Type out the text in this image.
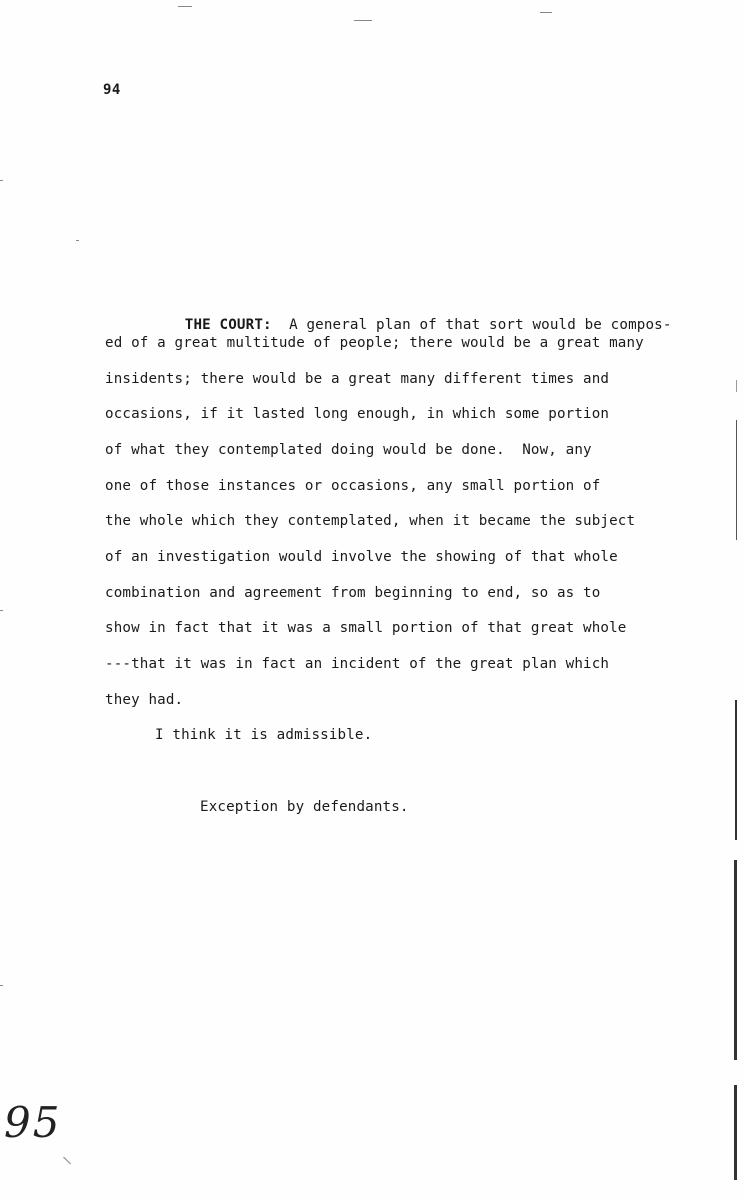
94

THE COURT: A general plan of that sort would be compos-

ed of a great multitude of people; there would be a great many
insidents; there would be a great many different times and
occasions, if it lasted long enough, in which some portion
of what they contemplated doing would be done.  Now, any
one of those instances or occasions, any small portion of
the whole which they contemplated, when it became the subject
of an investigation would involve the showing of that whole
combination and agreement from beginning to end, so as to
show in fact that it was a small portion of that great whole
---that it was in fact an incident of the great plan which
they had.
I think it is admissible.
Exception by defendants.
95
